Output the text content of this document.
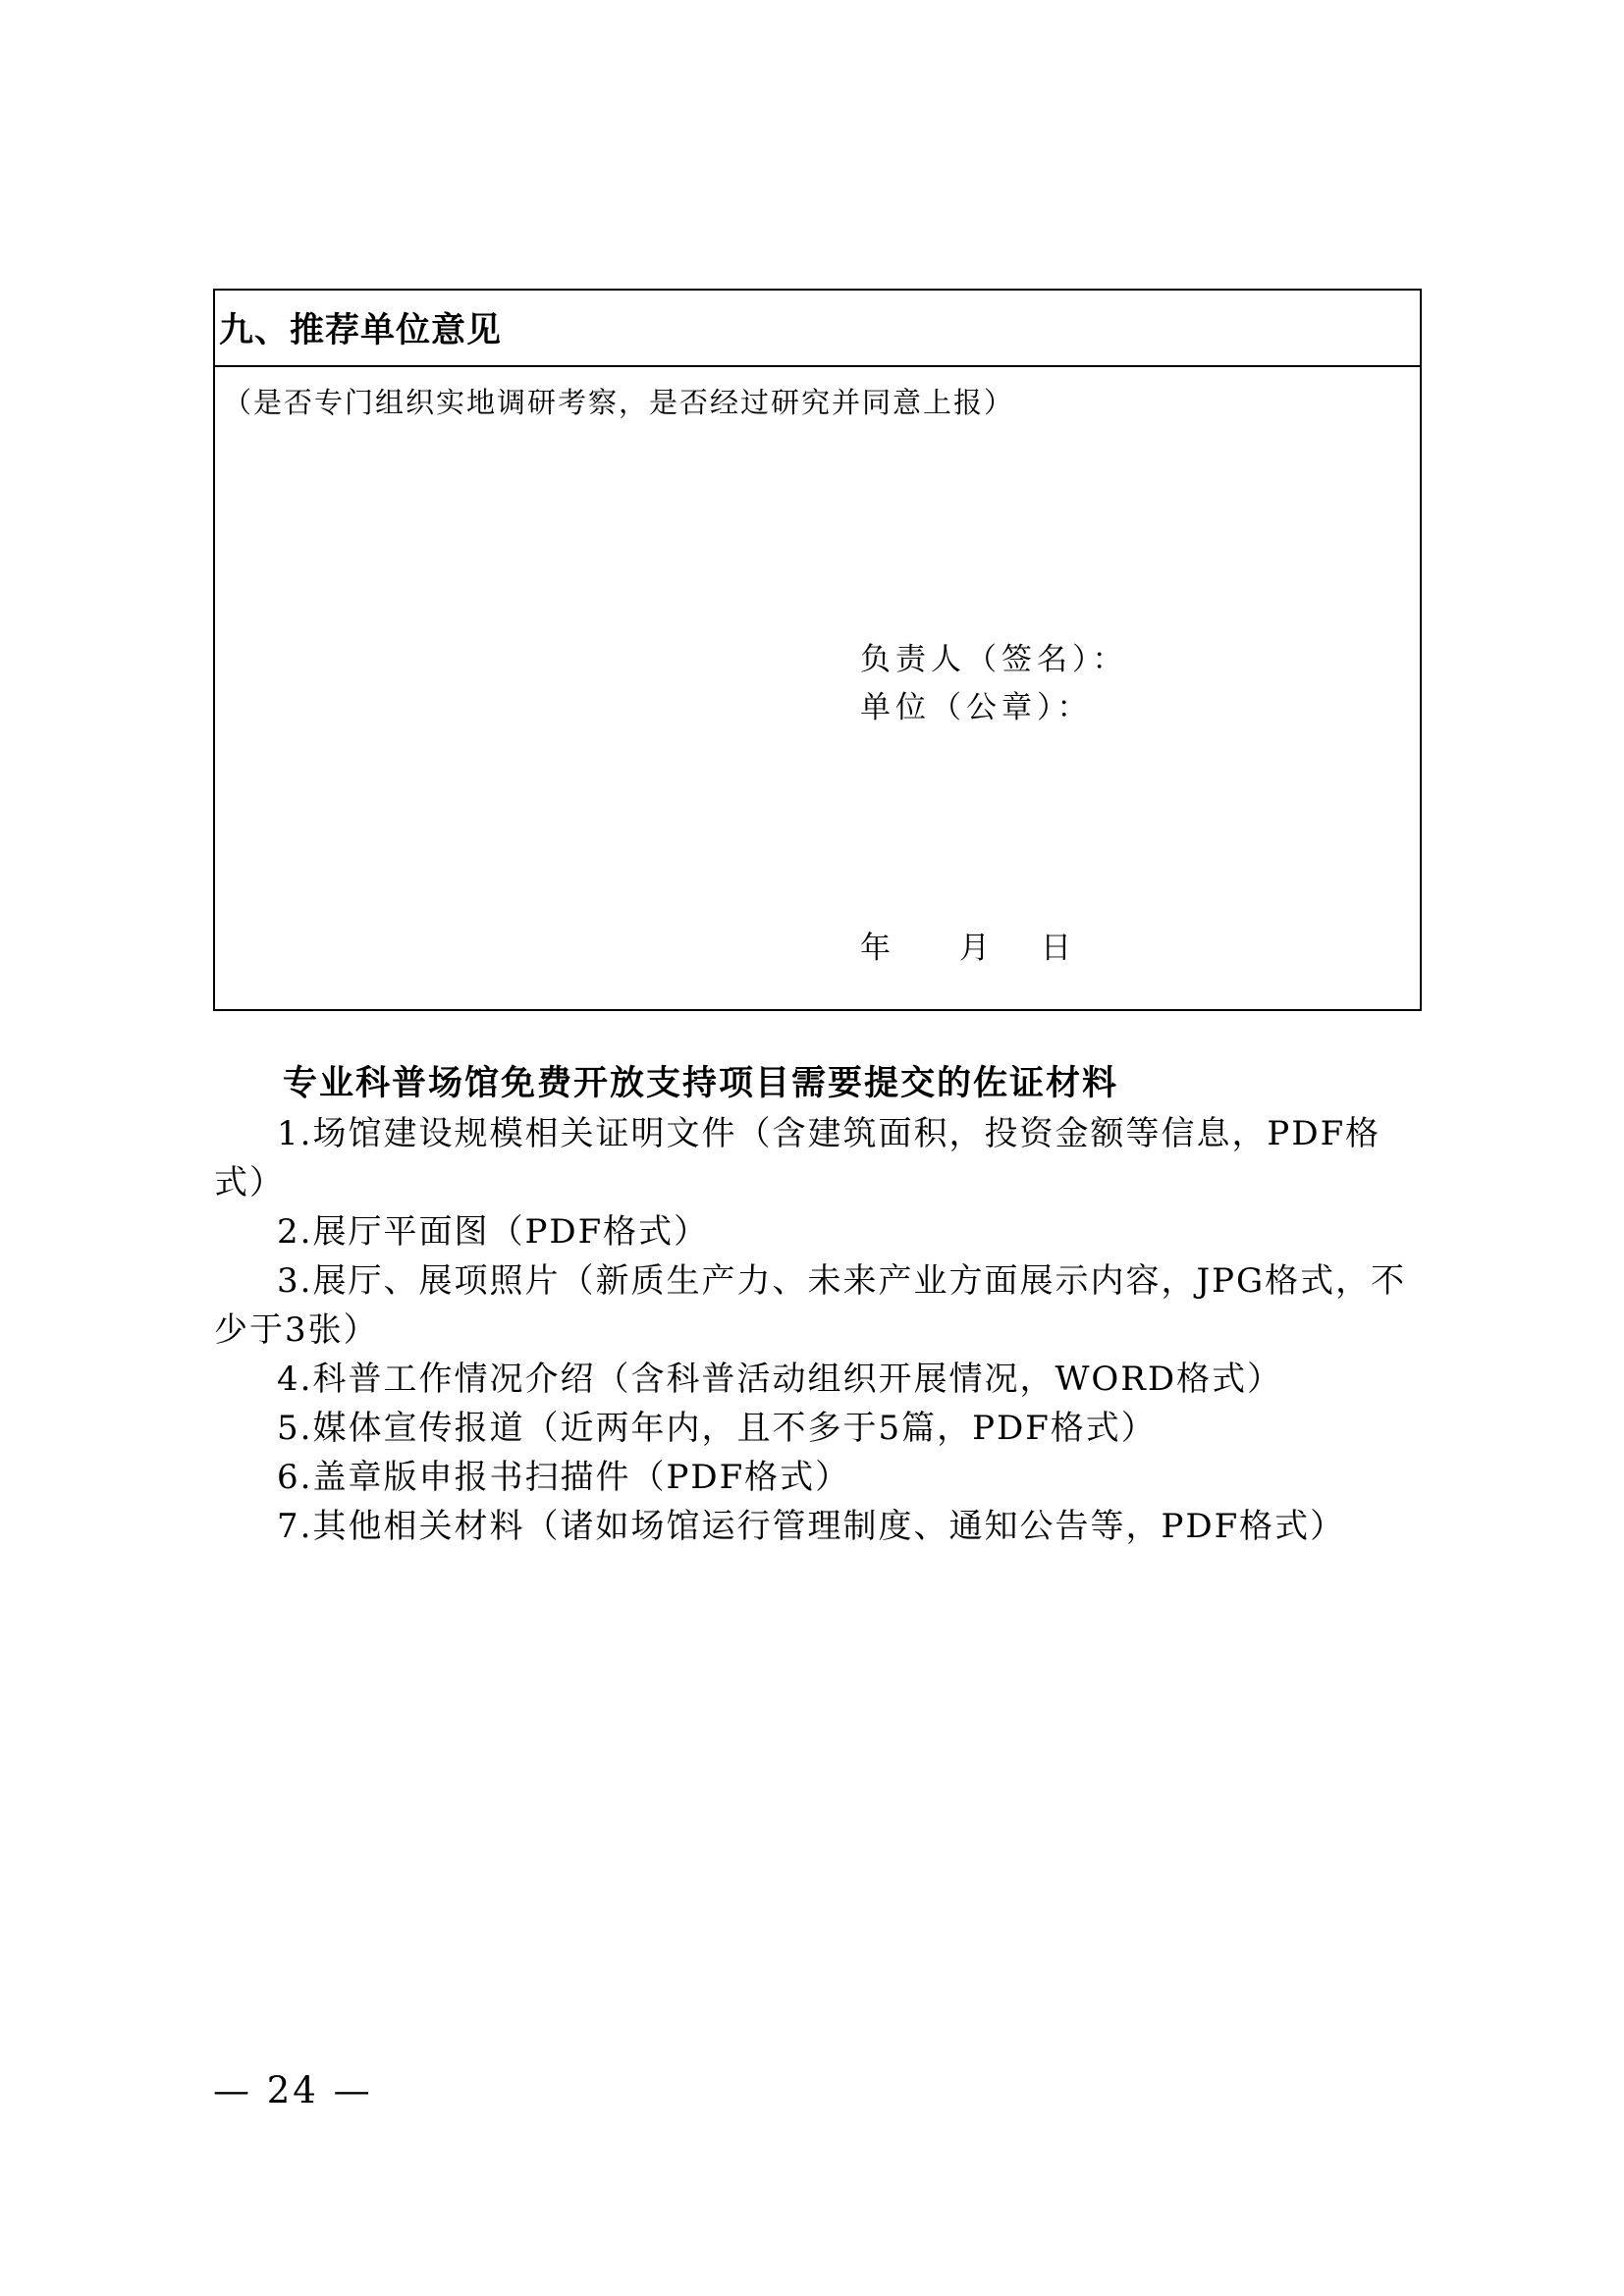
九、推荐单位意见
（是否专门组织实地调研考察，是否经过研究并同意上报）
负责人（签名）：
单位（公章）：
年 月 日
专业科普场馆免费开放支持项目需要提交的佐证材料
1.场馆建设规模相关证明文件（含建筑面积，投资金额等信息，PDF格式）
2.展厅平面图（PDF格式）
3.展厅、展项照片（新质生产力、未来产业方面展示内容，JPG格式，不少于3张）
4.科普工作情况介绍（含科普活动组织开展情况，WORD格式）
5.媒体宣传报道（近两年内，且不多于5篇，PDF格式）
6.盖章版申报书扫描件（PDF格式）
7.其他相关材料（诸如场馆运行管理制度、通知公告等，PDF格式）
— 24 —
